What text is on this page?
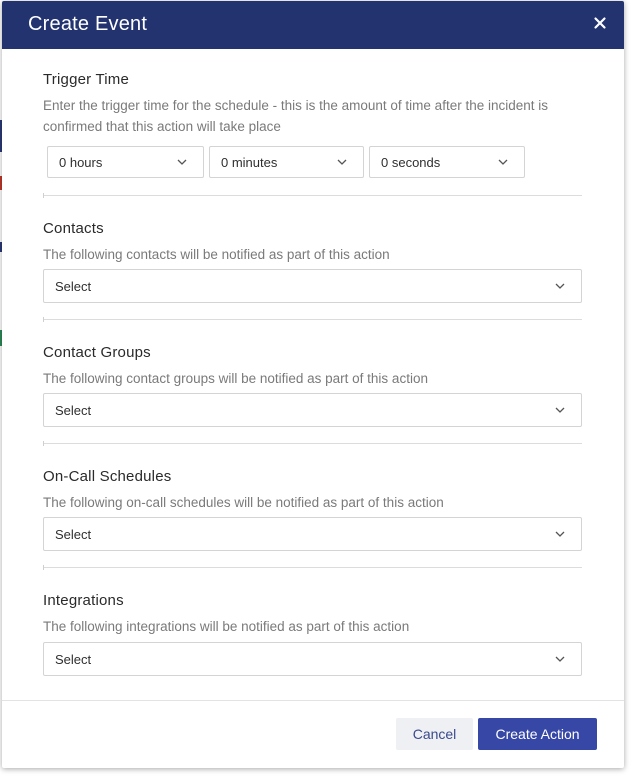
Create Event
Trigger Time
Enter the trigger time for the schedule - this is the amount of time after the incident is confirmed that this action will take place
0 hours	0 minutes	0 seconds
Contacts
The following contacts will be notified as part of this action
Select
Contact Groups
The following contact groups will be notified as part of this action
Select
On-Call Schedules
The following on-call schedules will be notified as part of this action
Select
Integrations
The following integrations will be notified as part of this action
Select
Cancel	Create Action
